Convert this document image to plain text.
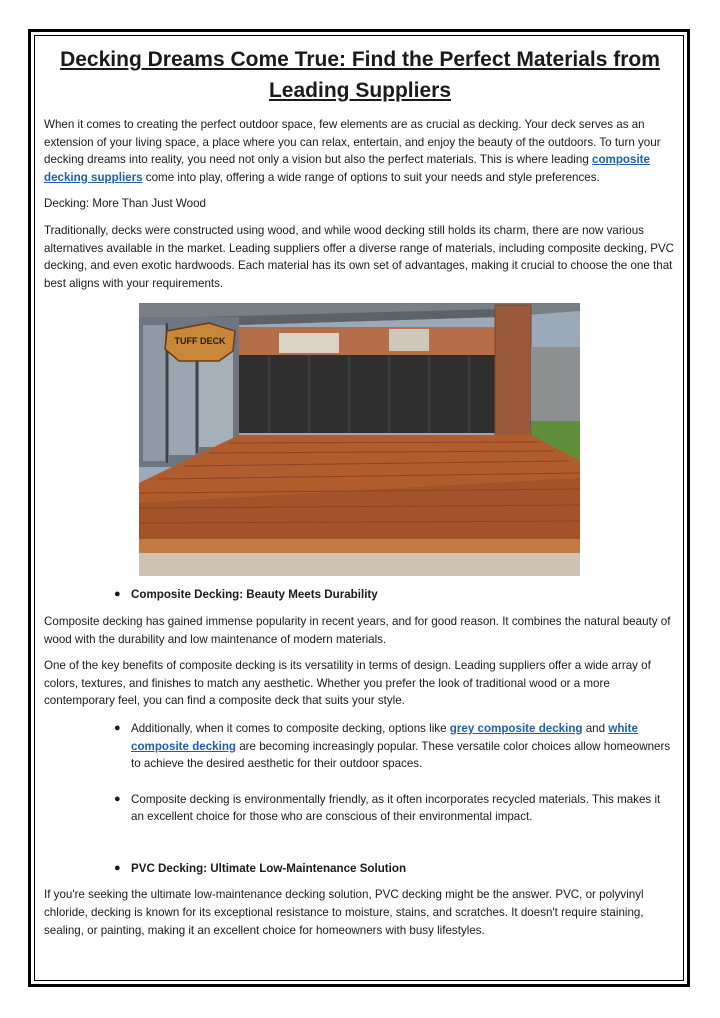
Decking Dreams Come True: Find the Perfect Materials from Leading Suppliers

When it comes to creating the perfect outdoor space, few elements are as crucial as decking. Your deck serves as an extension of your living space, a place where you can relax, entertain, and enjoy the beauty of the outdoors. To turn your decking dreams into reality, you need not only a vision but also the perfect materials. This is where leading composite decking suppliers come into play, offering a wide range of options to suit your needs and style preferences.

Decking: More Than Just Wood

Traditionally, decks were constructed using wood, and while wood decking still holds its charm, there are now various alternatives available in the market. Leading suppliers offer a diverse range of materials, including composite decking, PVC decking, and even exotic hardwoods. Each material has its own set of advantages, making it crucial to choose the one that best aligns with your requirements.

TUFF DECK
● Composite Decking: Beauty Meets Durability

Composite decking has gained immense popularity in recent years, and for good reason. It combines the natural beauty of wood with the durability and low maintenance of modern materials.

One of the key benefits of composite decking is its versatility in terms of design. Leading suppliers offer a wide array of colors, textures, and finishes to match any aesthetic. Whether you prefer the look of traditional wood or a more contemporary feel, you can find a composite deck that suits your style.

● Additionally, when it comes to composite decking, options like grey composite decking and white composite decking are becoming increasingly popular. These versatile color choices allow homeowners to achieve the desired aesthetic for their outdoor spaces.
● Composite decking is environmentally friendly, as it often incorporates recycled materials. This makes it an excellent choice for those who are conscious of their environmental impact.
● PVC Decking: Ultimate Low-Maintenance Solution

If you're seeking the ultimate low-maintenance decking solution, PVC decking might be the answer. PVC, or polyvinyl chloride, decking is known for its exceptional resistance to moisture, stains, and scratches. It doesn't require staining, sealing, or painting, making it an excellent choice for homeowners with busy lifestyles.
